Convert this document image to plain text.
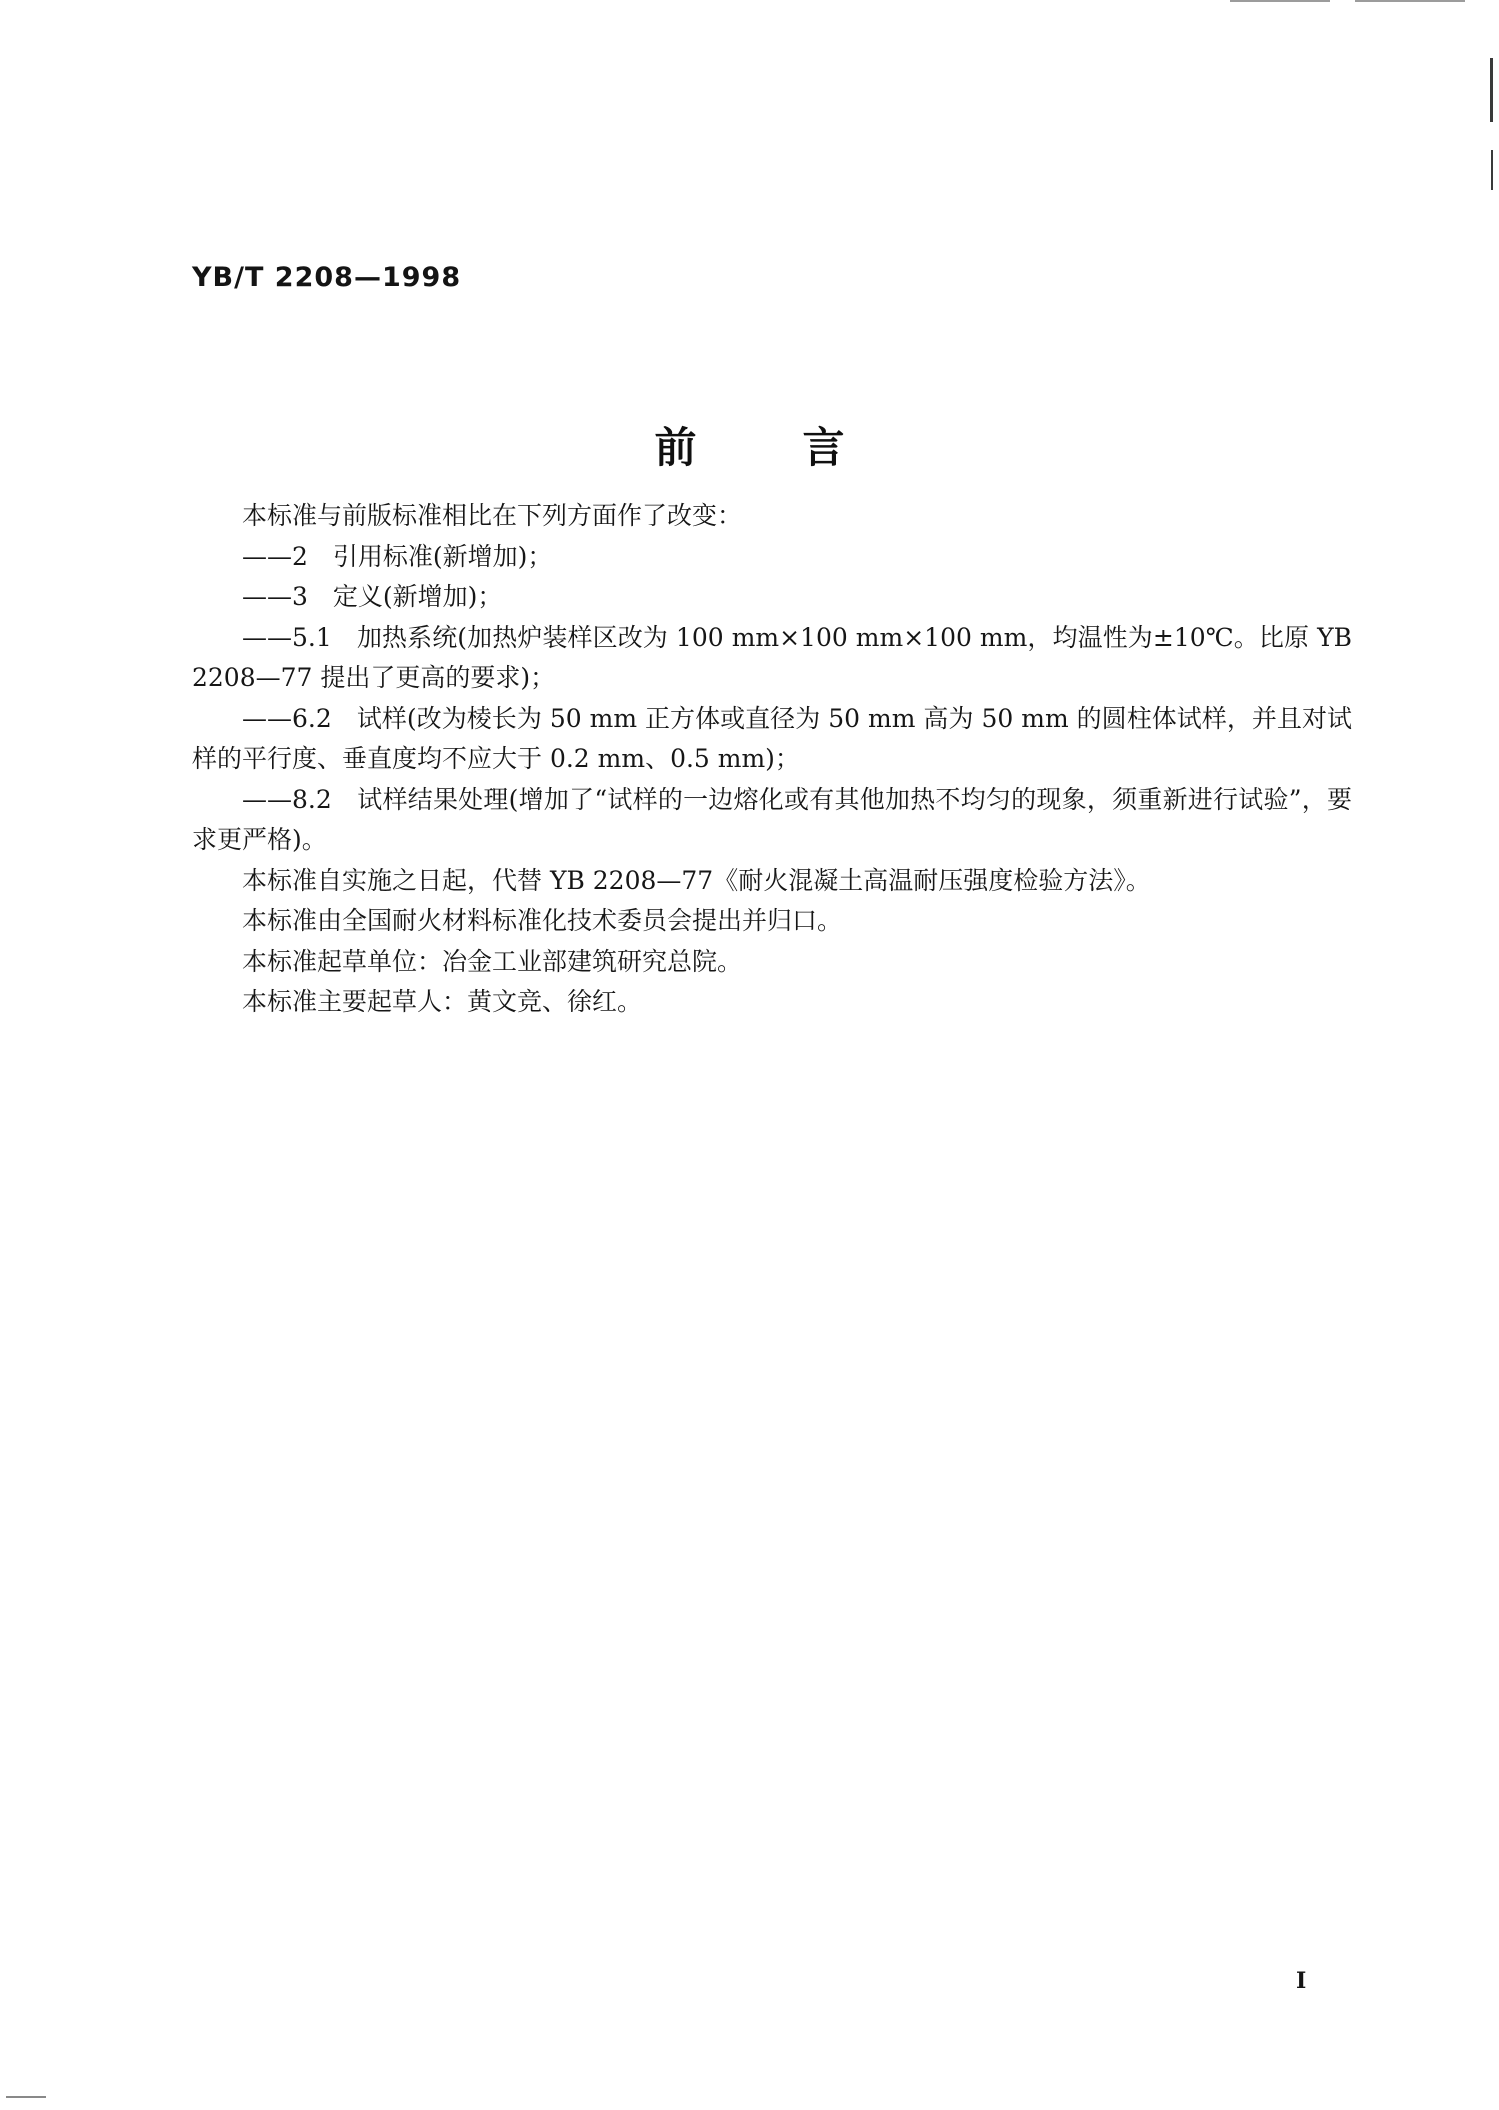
YB/T 2208—1998
前言

本标准与前版标准相比在下列方面作了改变：

——2　引用标准(新增加)；

——3　定义(新增加)；

——5.1　加热系统(加热炉装样区改为 100 mm×100 mm×100 mm，均温性为±10℃。比原 YB 2208—77 提出了更高的要求)；

——6.2　试样(改为棱长为 50 mm 正方体或直径为 50 mm 高为 50 mm 的圆柱体试样，并且对试样的平行度、垂直度均不应大于 0.2 mm、0.5 mm)；

——8.2　试样结果处理(增加了“试样的一边熔化或有其他加热不均匀的现象，须重新进行试验”，要求更严格)。

本标准自实施之日起，代替 YB 2208—77《耐火混凝土高温耐压强度检验方法》。

本标准由全国耐火材料标准化技术委员会提出并归口。

本标准起草单位：冶金工业部建筑研究总院。

本标准主要起草人：黄文竞、徐红。

I
